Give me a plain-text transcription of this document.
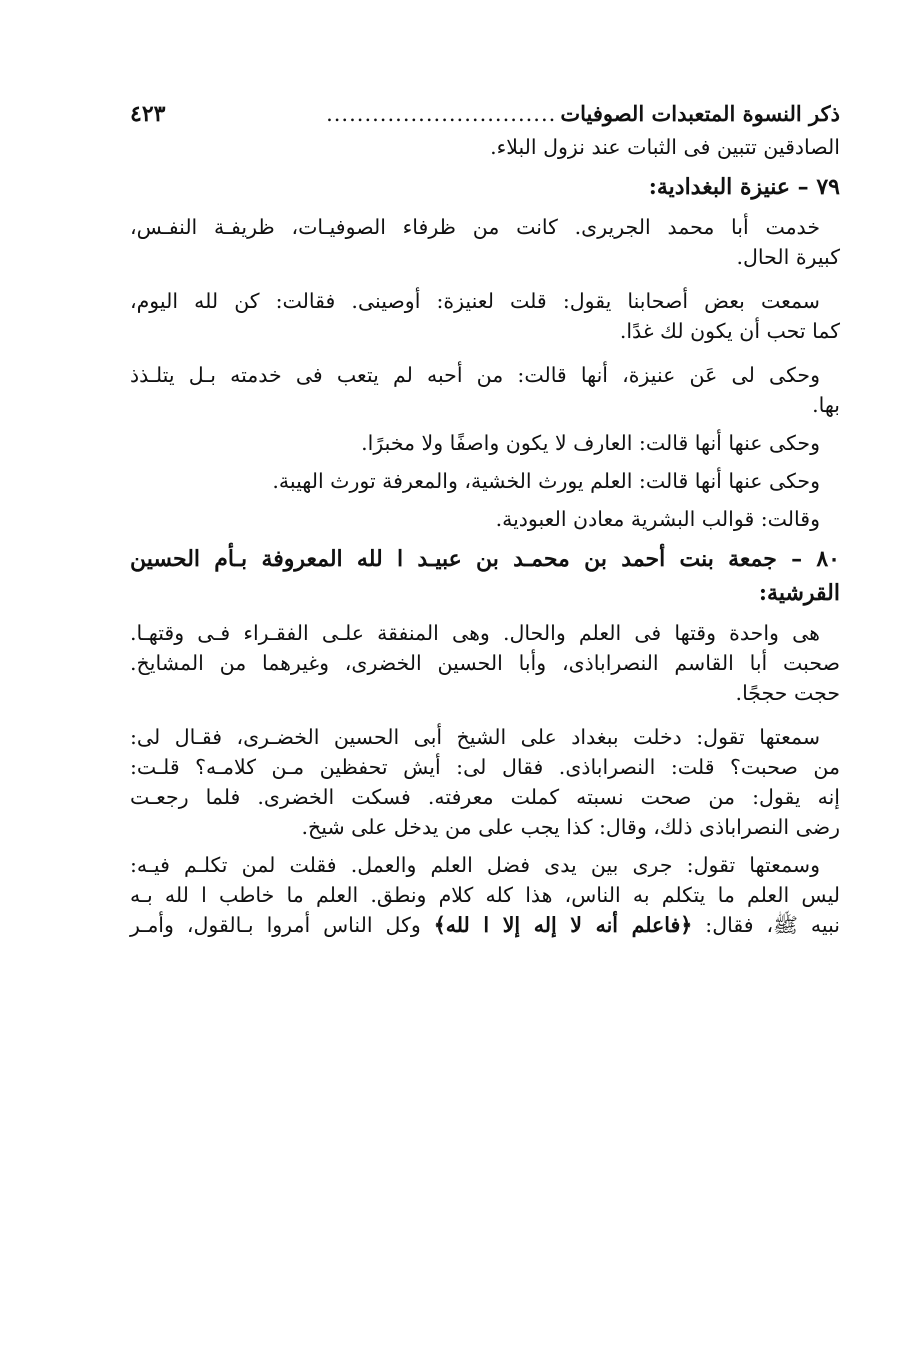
ذكر النسوة المتعبدات الصوفيات
..............................
٤٢٣
الصادقين تتبين فى الثبات عند نزول البلاء.
٧٩ – عنيزة البغدادية:
خدمت أبا محمد الجريرى. كانت من ظرفاء الصوفيـات، ظريفـة النفـس،
كبيرة الحال.
سمعت بعض أصحابنا يقول: قلت لعنيزة: أوصينى. فقالت: كن لله اليوم،
كما تحب أن يكون لك غدًا.
وحكى لى عَن عنيزة، أنها قالت: من أحبه لم يتعب فى خدمته بـل يتلـذذ
بها.
وحكى عنها أنها قالت: العارف لا يكون واصفًا ولا مخبرًا.
وحكى عنها أنها قالت: العلم يورث الخشية، والمعرفة تورث الهيبة.
وقالت: قوالب البشرية معادن العبودية.
٨٠ – جمعة بنت أحمد بن محمـد بن عبيـد ا لله المعروفة بـأم الحسين
القرشية:
هى واحدة وقتها فى العلم والحال. وهى المنفقة علـى الفقـراء فـى وقتهـا.
صحبت أبا القاسم النصراباذى، وأبا الحسين الخضرى، وغيرهما من المشايخ.
حجت حججًا.
سمعتها تقول: دخلت ببغداد على الشيخ أبى الحسين الخضـرى، فقـال لى:
من صحبت؟ قلت: النصراباذى. فقال لى: أيش تحفظين مـن كلامـه؟ قلـت:
إنه يقول: من صحت نسبته كملت معرفته. فسكت الخضرى. فلما رجعـت
رضى النصراباذى ذلك، وقال: كذا يجب على من يدخل على شيخ.
وسمعتها تقول: جرى بين يدى فضل العلم والعمل. فقلت لمن تكلـم فيـه:
ليس العلم ما يتكلم به الناس، هذا كله كلام ونطق. العلم ما خاطب ا لله بـه
نبيه ﷺ، فقال: ﴿فاعلم أنه لا إله إلا ا لله﴾ وكل الناس أمروا بـالقول، وأمـر
